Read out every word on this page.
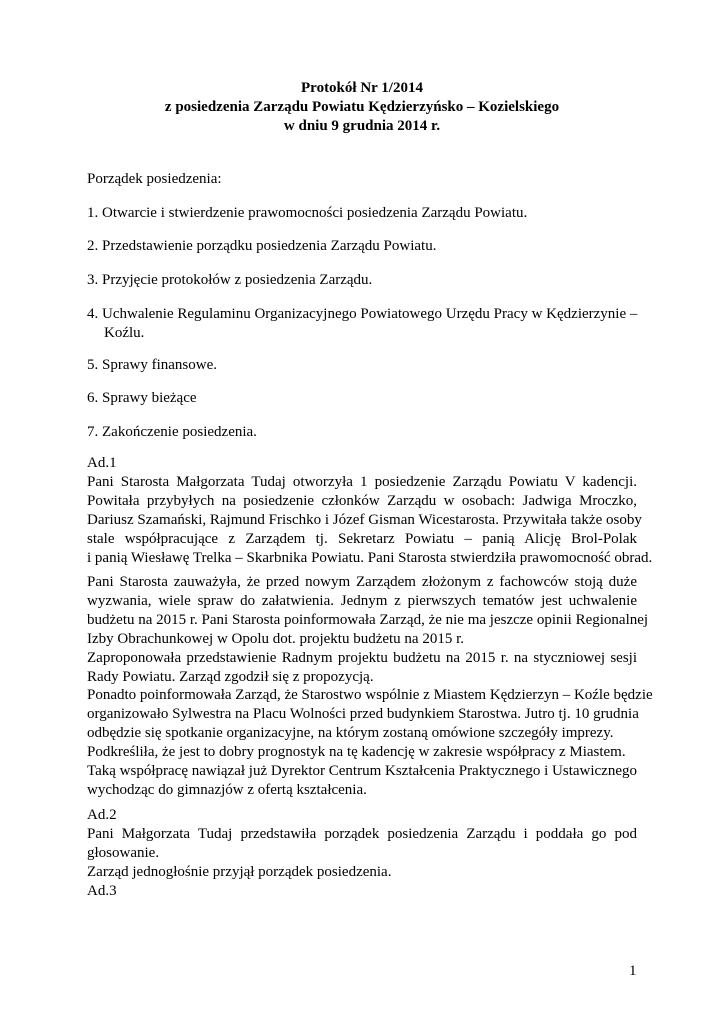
Protokół Nr 1/2014
z posiedzenia Zarządu Powiatu Kędzierzyńsko – Kozielskiego
w dniu 9 grudnia 2014 r.
Porządek posiedzenia:
1. Otwarcie i stwierdzenie prawomocności posiedzenia Zarządu Powiatu.
2. Przedstawienie porządku posiedzenia Zarządu Powiatu.
3. Przyjęcie protokołów z posiedzenia Zarządu.
4. Uchwalenie Regulaminu Organizacyjnego Powiatowego Urzędu Pracy w Kędzierzynie –
Koźlu.
5. Sprawy finansowe.
6. Sprawy bieżące
7. Zakończenie posiedzenia.
Ad.1
Pani Starosta Małgorzata Tudaj otworzyła 1 posiedzenie Zarządu Powiatu V kadencji.
Powitała przybyłych na posiedzenie członków Zarządu w osobach: Jadwiga Mroczko,
Dariusz Szamański, Rajmund Frischko i Józef Gisman Wicestarosta. Przywitała także osoby
stale współpracujące z Zarządem tj. Sekretarz Powiatu – panią Alicję Brol-Polak
i panią Wiesławę Trelka – Skarbnika Powiatu. Pani Starosta stwierdziła prawomocność obrad.
Pani Starosta zauważyła, że przed nowym Zarządem złożonym z fachowców stoją duże
wyzwania, wiele spraw do załatwienia. Jednym z pierwszych tematów jest uchwalenie
budżetu na 2015 r. Pani Starosta poinformowała Zarząd, że nie ma jeszcze opinii Regionalnej
Izby Obrachunkowej w Opolu dot. projektu budżetu na 2015 r.
Zaproponowała przedstawienie Radnym projektu budżetu na 2015 r. na styczniowej sesji
Rady Powiatu. Zarząd zgodził się z propozycją.
Ponadto poinformowała Zarząd, że Starostwo wspólnie z Miastem Kędzierzyn – Koźle będzie
organizowało Sylwestra na Placu Wolności przed budynkiem Starostwa. Jutro tj. 10 grudnia
odbędzie się spotkanie organizacyjne, na którym zostaną omówione szczegóły imprezy.
Podkreśliła, że jest to dobry prognostyk na tę kadencję w zakresie współpracy z Miastem.
Taką współpracę nawiązał już Dyrektor Centrum Kształcenia Praktycznego i Ustawicznego
wychodząc do gimnazjów z ofertą kształcenia.
Ad.2
Pani Małgorzata Tudaj przedstawiła porządek posiedzenia Zarządu i poddała go pod
głosowanie.
Zarząd jednogłośnie przyjął porządek posiedzenia.
Ad.3
1
